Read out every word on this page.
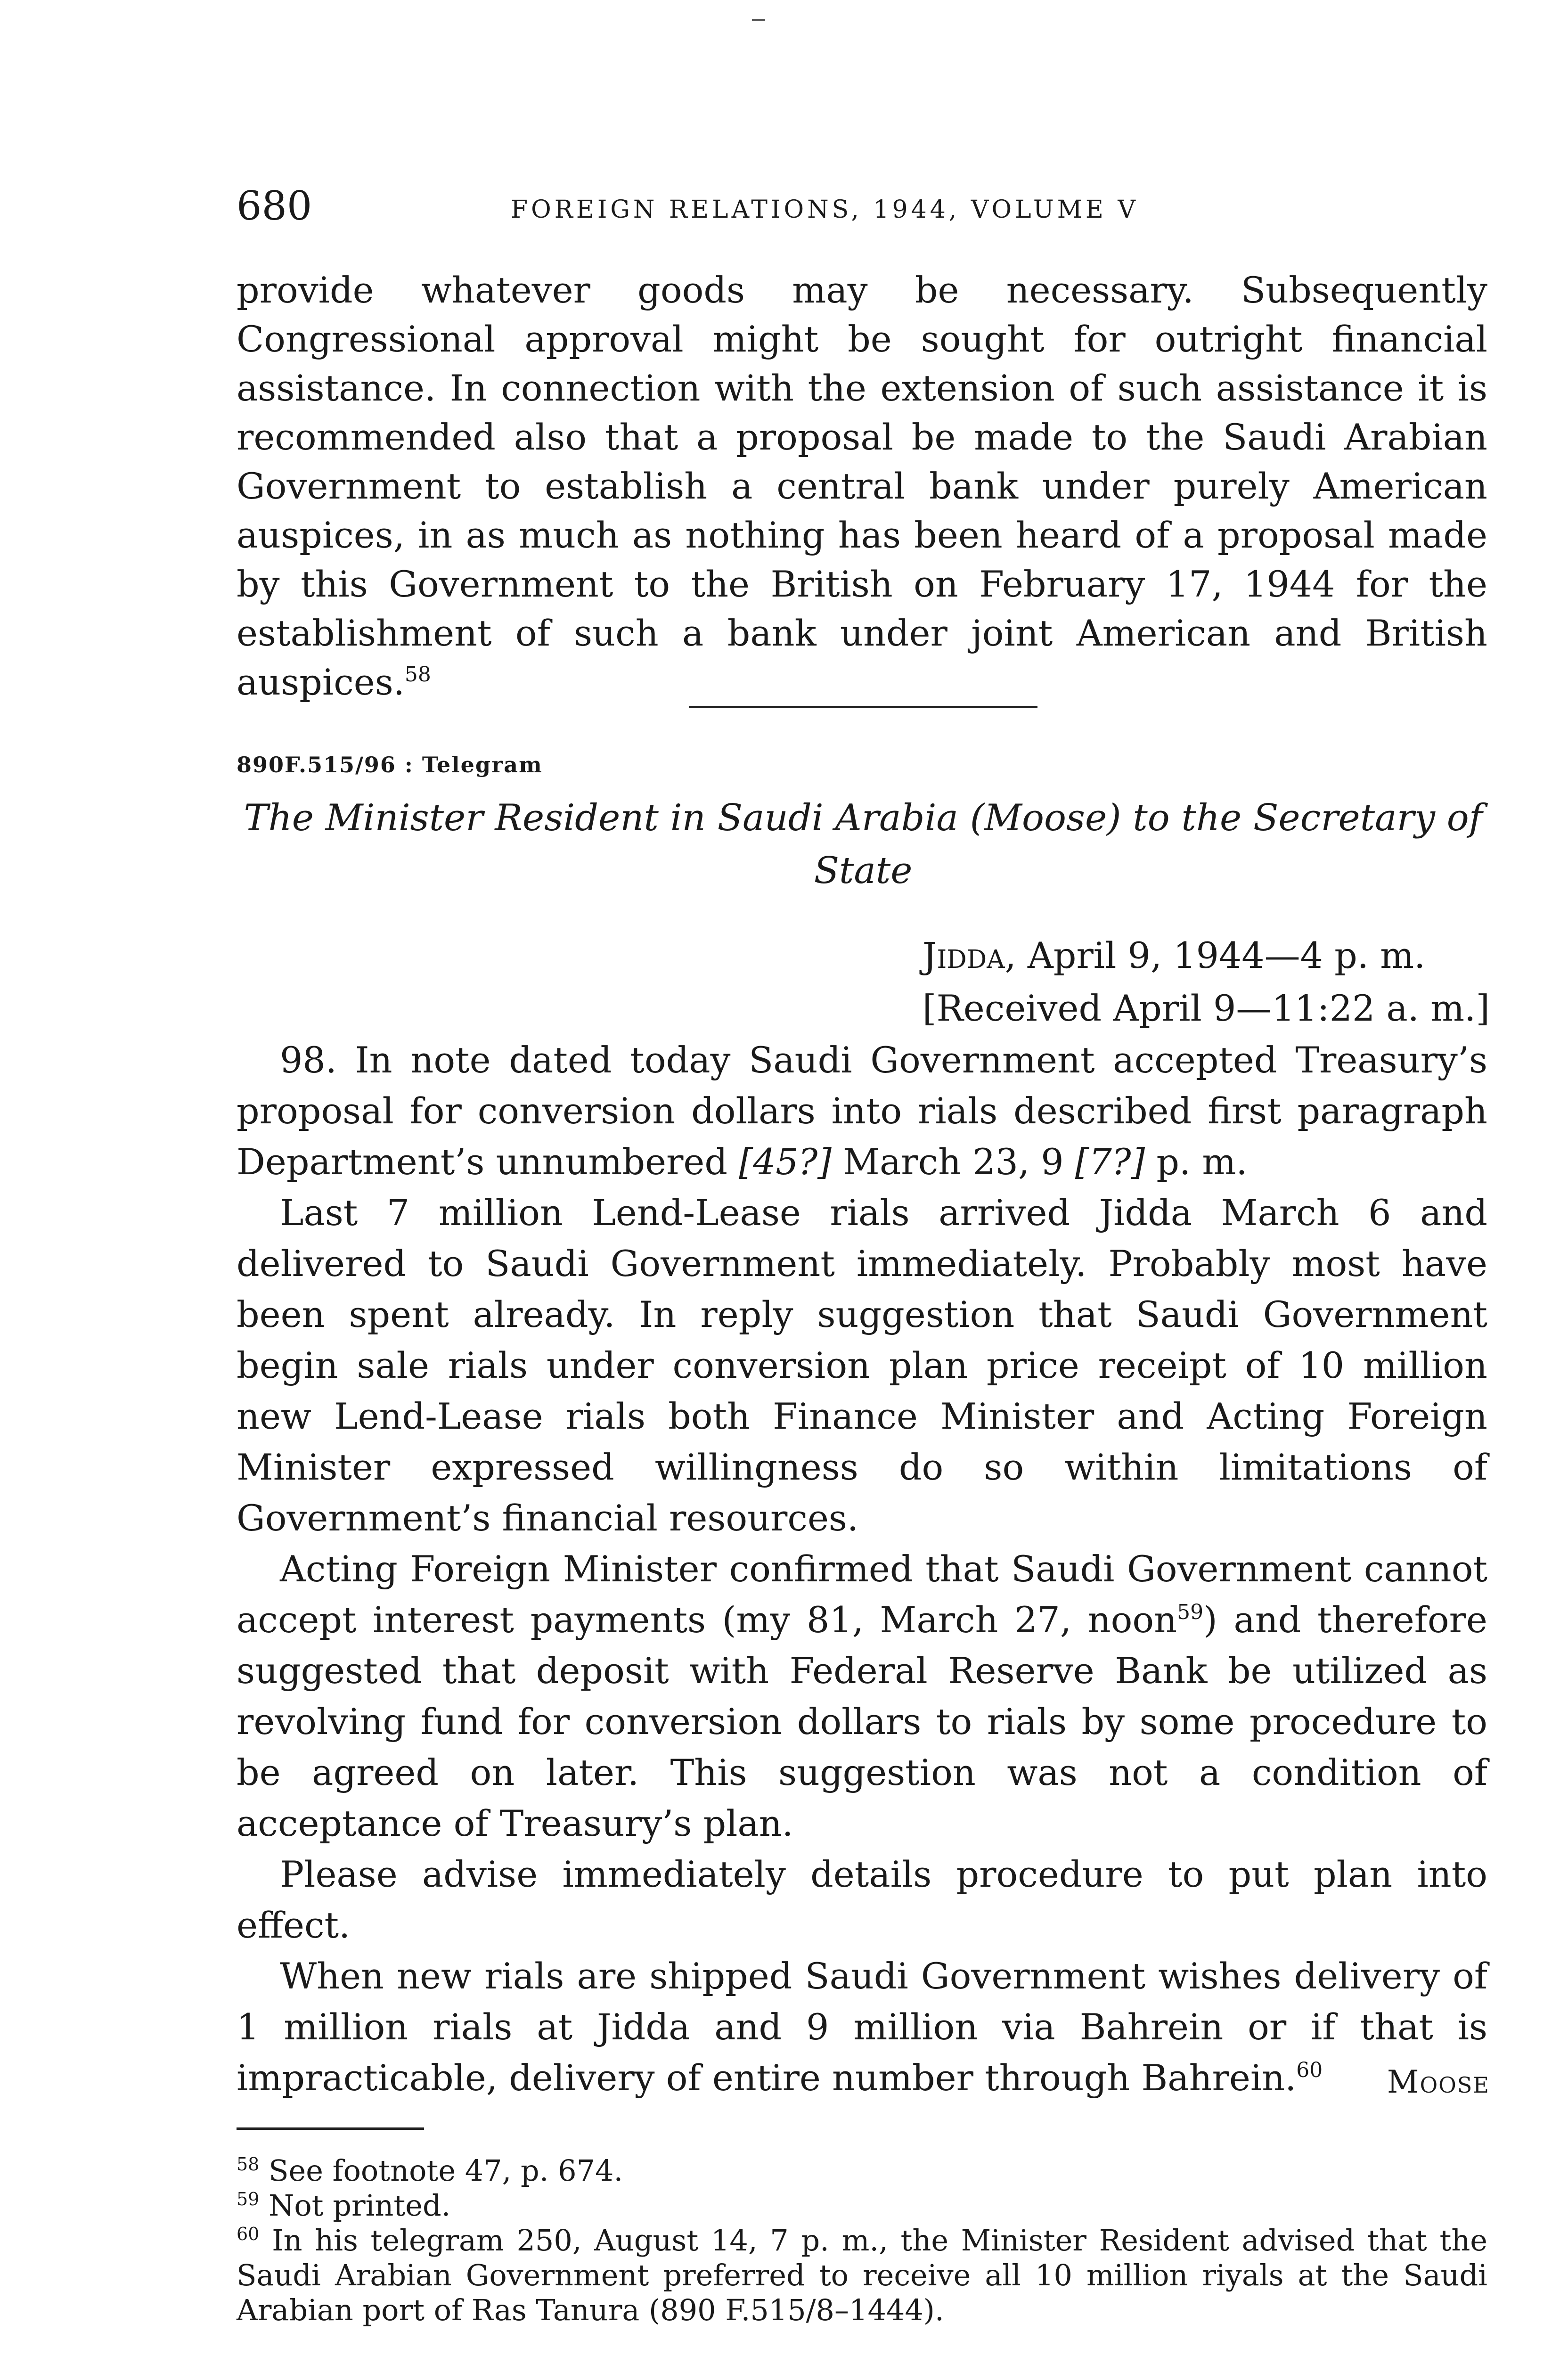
680	FOREIGN RELATIONS, 1944, VOLUME V

provide whatever goods may be necessary. Subsequently Congressional approval might be sought for outright financial assistance. In connection with the extension of such assistance it is recommended also that a proposal be made to the Saudi Arabian Government to establish a central bank under purely American auspices, in as much as nothing has been heard of a proposal made by this Government to the British on February 17, 1944 for the establishment of such a bank under joint American and British auspices.$^{58}$

890F.515/96 : Telegram
The Minister Resident in Saudi Arabia (Moose) to the Secretary of State
Jidda, April 9, 1944—4 p. m.
[Received April 9—11:22 a. m.]

98. In note dated today Saudi Government accepted Treasury’s proposal for conversion dollars into rials described first paragraph Department’s unnumbered [45?] March 23, 9 [7?] p. m.

Last 7 million Lend-Lease rials arrived Jidda March 6 and delivered to Saudi Government immediately. Probably most have been spent already. In reply suggestion that Saudi Government begin sale rials under conversion plan price receipt of 10 million new Lend-Lease rials both Finance Minister and Acting Foreign Minister expressed willingness do so within limitations of Government’s financial resources.

Acting Foreign Minister confirmed that Saudi Government cannot accept interest payments (my 81, March 27, noon$^{59}$) and therefore suggested that deposit with Federal Reserve Bank be utilized as revolving fund for conversion dollars to rials by some procedure to be agreed on later. This suggestion was not a condition of acceptance of Treasury’s plan.

Please advise immediately details procedure to put plan into effect.

When new rials are shipped Saudi Government wishes delivery of 1 million rials at Jidda and 9 million via Bahrein or if that is impracticable, delivery of entire number through Bahrein.$^{60}$	Moose

$^{58}$ See footnote 47, p. 674.

$^{59}$ Not printed.

$^{60}$ In his telegram 250, August 14, 7 p. m., the Minister Resident advised that the Saudi Arabian Government preferred to receive all 10 million riyals at the Saudi Arabian port of Ras Tanura (890 F.515/8–1444).
